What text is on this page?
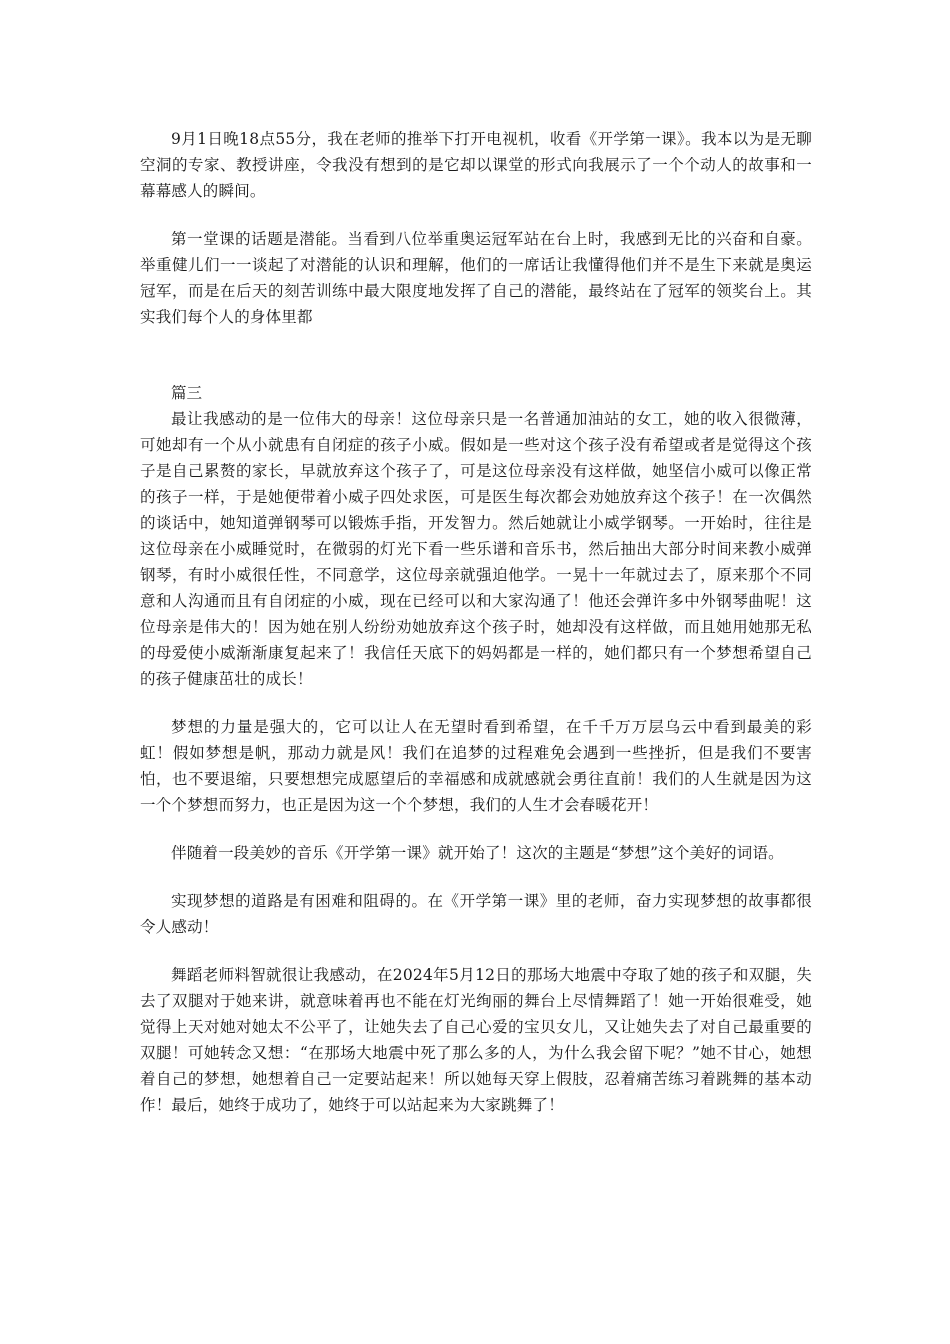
9月1日晚18点55分，我在老师的推举下打开电视机，收看《开学第一课》。我本以为是无聊空洞的专家、教授讲座，令我没有想到的是它却以课堂的形式向我展示了一个个动人的故事和一幕幕感人的瞬间。

第一堂课的话题是潜能。当看到八位举重奥运冠军站在台上时，我感到无比的兴奋和自豪。举重健儿们一一谈起了对潜能的认识和理解，他们的一席话让我懂得他们并不是生下来就是奥运冠军，而是在后天的刻苦训练中最大限度地发挥了自己的潜能，最终站在了冠军的领奖台上。其实我们每个人的身体里都

篇三

最让我感动的是一位伟大的母亲！这位母亲只是一名普通加油站的女工，她的收入很微薄，可她却有一个从小就患有自闭症的孩子小威。假如是一些对这个孩子没有希望或者是觉得这个孩子是自己累赘的家长，早就放弃这个孩子了，可是这位母亲没有这样做，她坚信小威可以像正常的孩子一样，于是她便带着小威子四处求医，可是医生每次都会劝她放弃这个孩子！在一次偶然的谈话中，她知道弹钢琴可以锻炼手指，开发智力。然后她就让小威学钢琴。一开始时，往往是这位母亲在小威睡觉时，在微弱的灯光下看一些乐谱和音乐书，然后抽出大部分时间来教小威弹钢琴，有时小威很任性，不同意学，这位母亲就强迫他学。一晃十一年就过去了，原来那个不同意和人沟通而且有自闭症的小威，现在已经可以和大家沟通了！他还会弹许多中外钢琴曲呢！这位母亲是伟大的！因为她在别人纷纷劝她放弃这个孩子时，她却没有这样做，而且她用她那无私的母爱使小威渐渐康复起来了！我信任天底下的妈妈都是一样的，她们都只有一个梦想希望自己的孩子健康茁壮的成长！

梦想的力量是强大的，它可以让人在无望时看到希望，在千千万万层乌云中看到最美的彩虹！假如梦想是帆，那动力就是风！我们在追梦的过程难免会遇到一些挫折，但是我们不要害怕，也不要退缩，只要想想完成愿望后的幸福感和成就感就会勇往直前！我们的人生就是因为这一个个梦想而努力，也正是因为这一个个梦想，我们的人生才会春暖花开！

伴随着一段美妙的音乐《开学第一课》就开始了！这次的主题是“梦想”这个美好的词语。

实现梦想的道路是有困难和阻碍的。在《开学第一课》里的老师，奋力实现梦想的故事都很令人感动！

舞蹈老师料智就很让我感动，在2024年5月12日的那场大地震中夺取了她的孩子和双腿，失去了双腿对于她来讲，就意味着再也不能在灯光绚丽的舞台上尽情舞蹈了！她一开始很难受，她觉得上天对她对她太不公平了，让她失去了自己心爱的宝贝女儿，又让她失去了对自己最重要的双腿！可她转念又想：“在那场大地震中死了那么多的人，为什么我会留下呢？”她不甘心，她想着自己的梦想，她想着自己一定要站起来！所以她每天穿上假肢，忍着痛苦练习着跳舞的基本动作！最后，她终于成功了，她终于可以站起来为大家跳舞了！
